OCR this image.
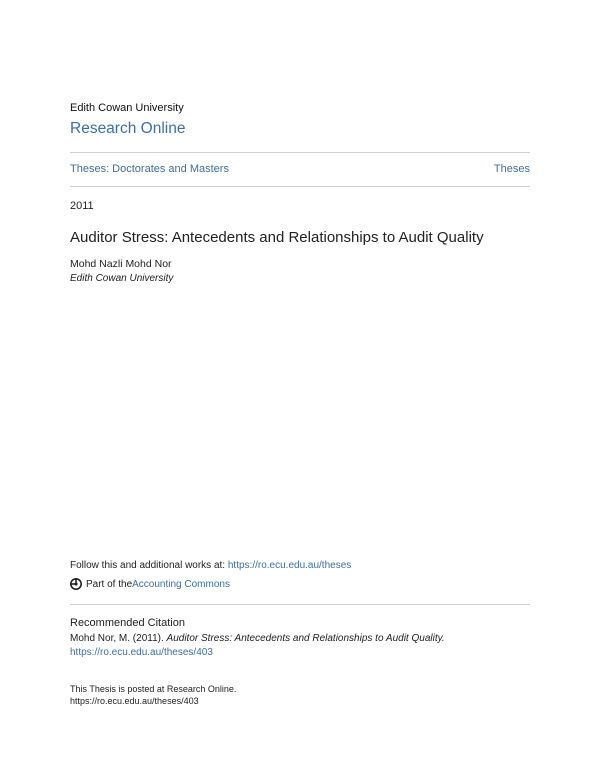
Edith Cowan University
Research Online
Theses: Doctorates and Masters	Theses
2011
Auditor Stress: Antecedents and Relationships to Audit Quality
Mohd Nazli Mohd Nor
Edith Cowan University
Follow this and additional works at: https://ro.ecu.edu.au/theses
Part of the Accounting Commons
Recommended Citation
Mohd Nor, M. (2011). Auditor Stress: Antecedents and Relationships to Audit Quality.
https://ro.ecu.edu.au/theses/403
This Thesis is posted at Research Online.
https://ro.ecu.edu.au/theses/403
